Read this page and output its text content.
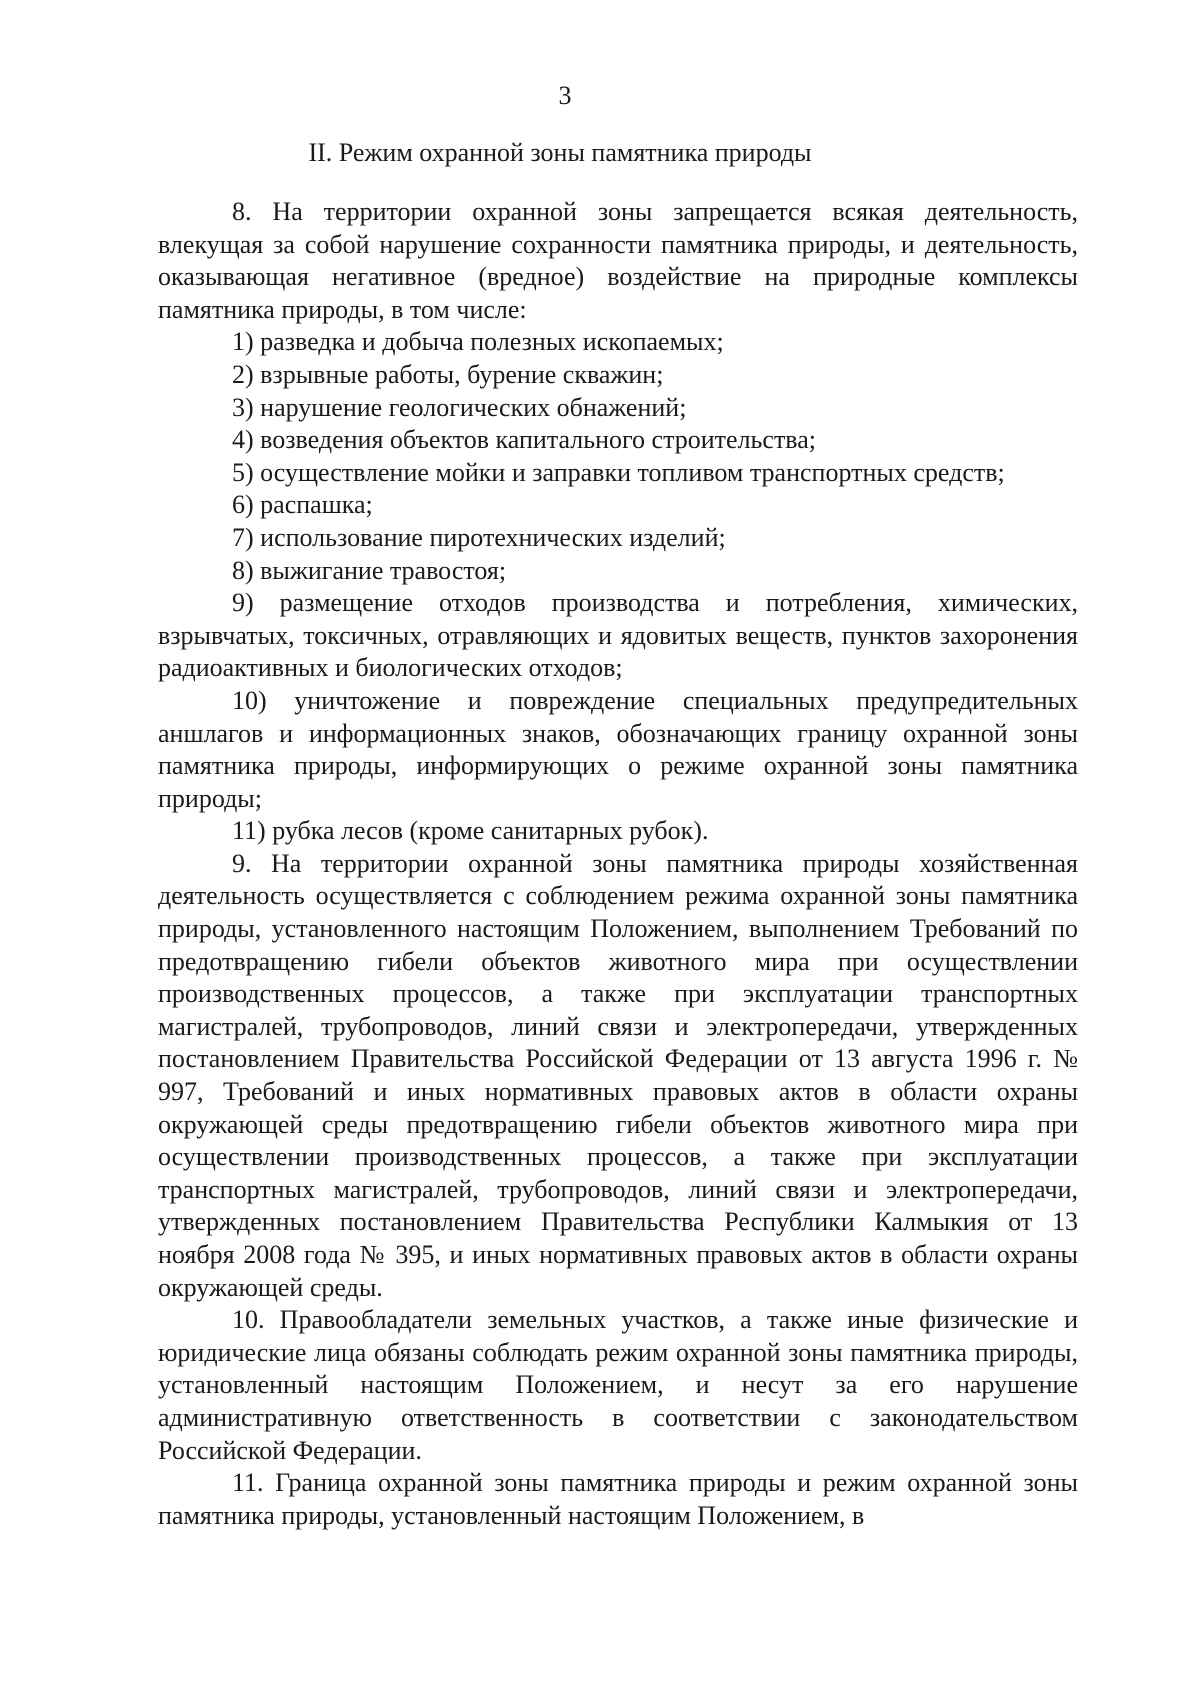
3
II. Режим охранной зоны памятника природы

8. На территории охранной зоны запрещается всякая деятельность, влекущая за собой нарушение сохранности памятника природы, и деятельность, оказывающая негативное (вредное) воздействие на природные комплексы памятника природы, в том числе:

1) разведка и добыча полезных ископаемых;

2) взрывные работы, бурение скважин;

3) нарушение геологических обнажений;

4) возведения объектов капитального строительства;

5) осуществление мойки и заправки топливом транспортных средств;

6) распашка;

7) использование пиротехнических изделий;

8) выжигание травостоя;

9) размещение отходов производства и потребления, химических, взрывчатых, токсичных, отравляющих и ядовитых веществ, пунктов захоронения радиоактивных и биологических отходов;

10) уничтожение и повреждение специальных предупредительных аншлагов и информационных знаков, обозначающих границу охранной зоны памятника природы, информирующих о режиме охранной зоны памятника природы;

11) рубка лесов (кроме санитарных рубок).

9. На территории охранной зоны памятника природы хозяйственная деятельность осуществляется с соблюдением режима охранной зоны памятника природы, установленного настоящим Положением, выполнением Требований по предотвращению гибели объектов животного мира при осуществлении производственных процессов, а также при эксплуатации транспортных магистралей, трубопроводов, линий связи и электропередачи, утвержденных постановлением Правительства Российской Федерации от 13 августа 1996 г. № 997, Требований и иных нормативных правовых актов в области охраны окружающей среды предотвращению гибели объектов животного мира при осуществлении производственных процессов, а также при эксплуатации транспортных магистралей, трубопроводов, линий связи и электропередачи, утвержденных постановлением Правительства Республики Калмыкия от 13 ноября 2008 года № 395, и иных нормативных правовых актов в области охраны окружающей среды.

10. Правообладатели земельных участков, а также иные физические и юридические лица обязаны соблюдать режим охранной зоны памятника природы, установленный настоящим Положением, и несут за его нарушение административную ответственность в соответствии с законодательством Российской Федерации.

11. Граница охранной зоны памятника природы и режим охранной зоны памятника природы, установленный настоящим Положением, в
